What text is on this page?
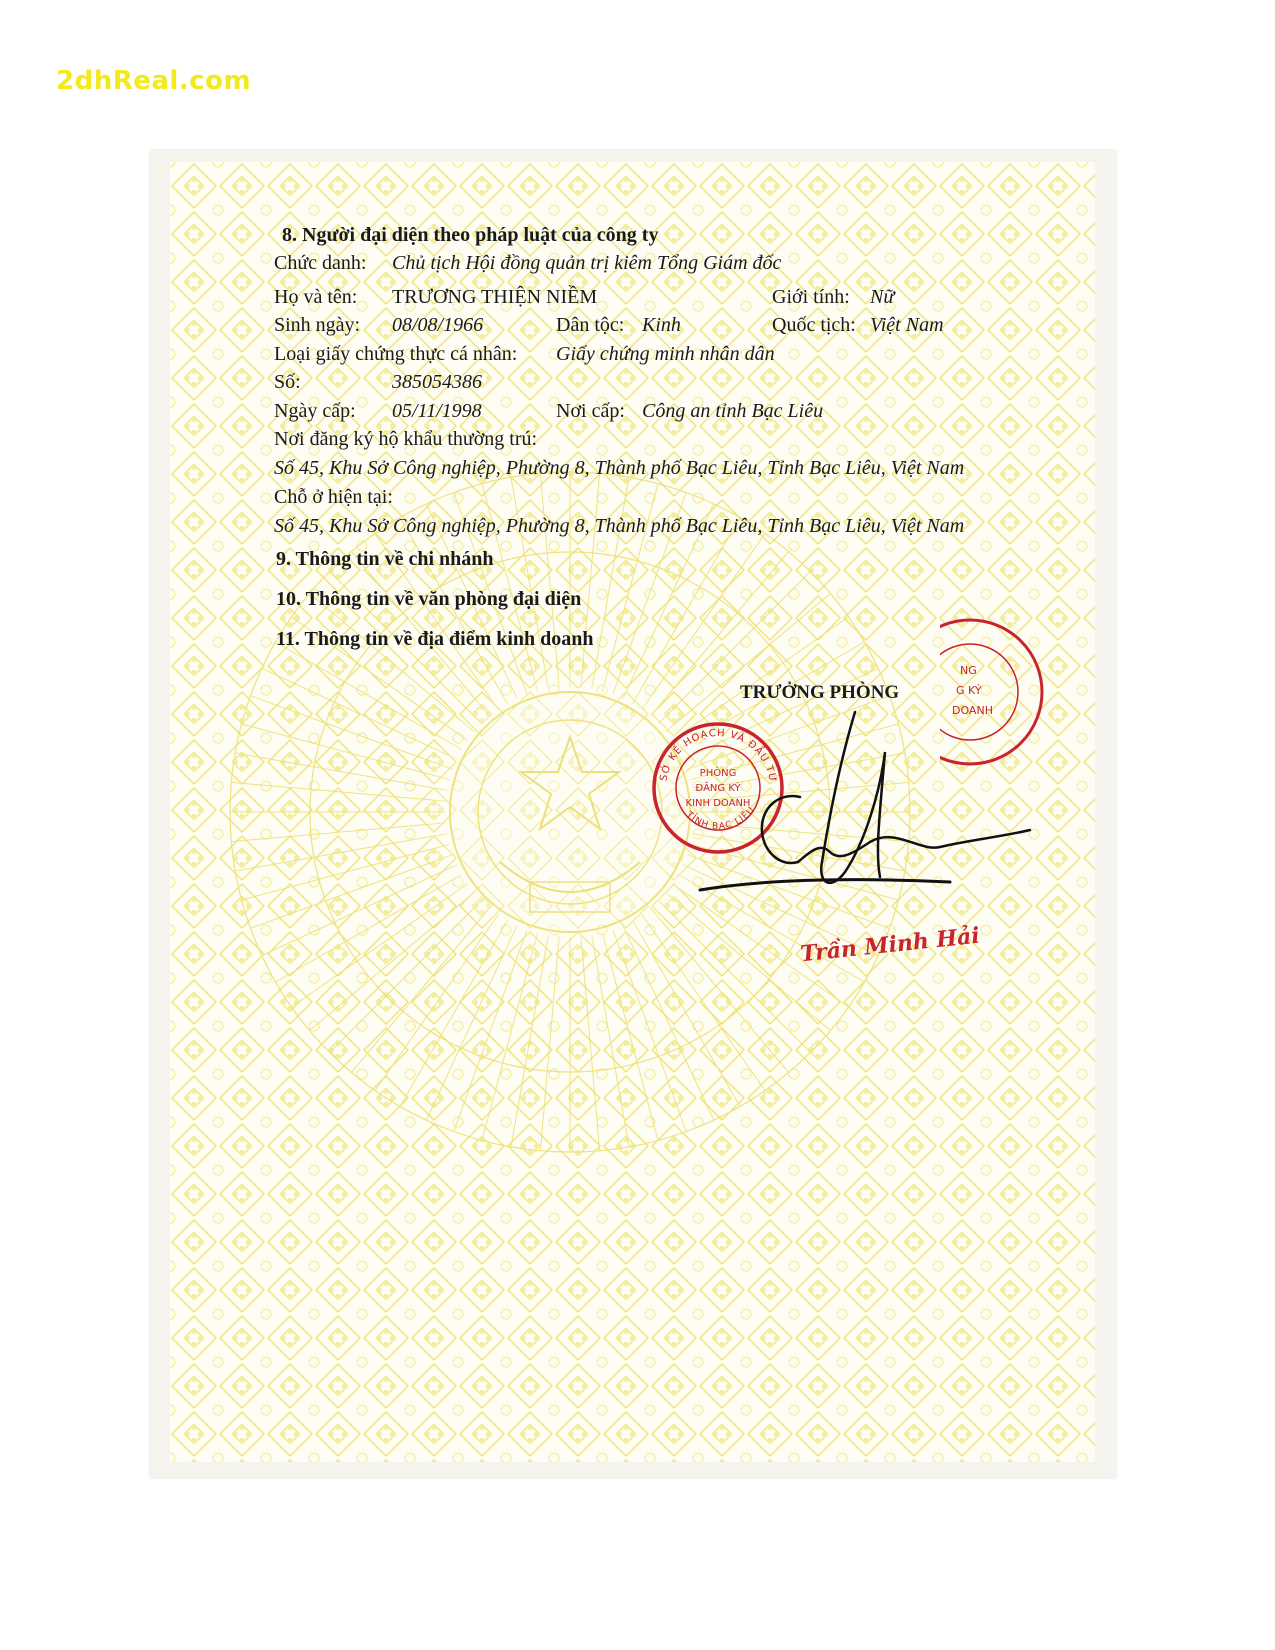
2dhReal.com
8. Người đại diện theo pháp luật của công ty
Chức danh: Chủ tịch Hội đồng quản trị kiêm Tổng Giám đốc
Họ và tên: TRƯƠNG THIỆN NIỀM	Giới tính: Nữ
Sinh ngày: 08/08/1966	Dân tộc: Kinh	Quốc tịch: Việt Nam
Loại giấy chứng thực cá nhân: Giấy chứng minh nhân dân
Số:	385054386
Ngày cấp: 05/11/1998	Nơi cấp: Công an tỉnh Bạc Liêu
Nơi đăng ký hộ khẩu thường trú:
Số 45, Khu Sở Công nghiệp, Phường 8, Thành phố Bạc Liêu, Tỉnh Bạc Liêu, Việt Nam
Chỗ ở hiện tại:
Số 45, Khu Sở Công nghiệp, Phường 8, Thành phố Bạc Liêu, Tỉnh Bạc Liêu, Việt Nam
9. Thông tin về chi nhánh
10. Thông tin về văn phòng đại diện
11. Thông tin về địa điểm kinh doanh
TRƯỞNG PHÒNG
NG
G KÝ
DOANH
SỞ KẾ HOẠCH VÀ ĐẦU TƯ
TỈNH BẠC LIÊU
PHÒNG
ĐĂNG KÝ
KINH DOANH
Trần Minh Hải
